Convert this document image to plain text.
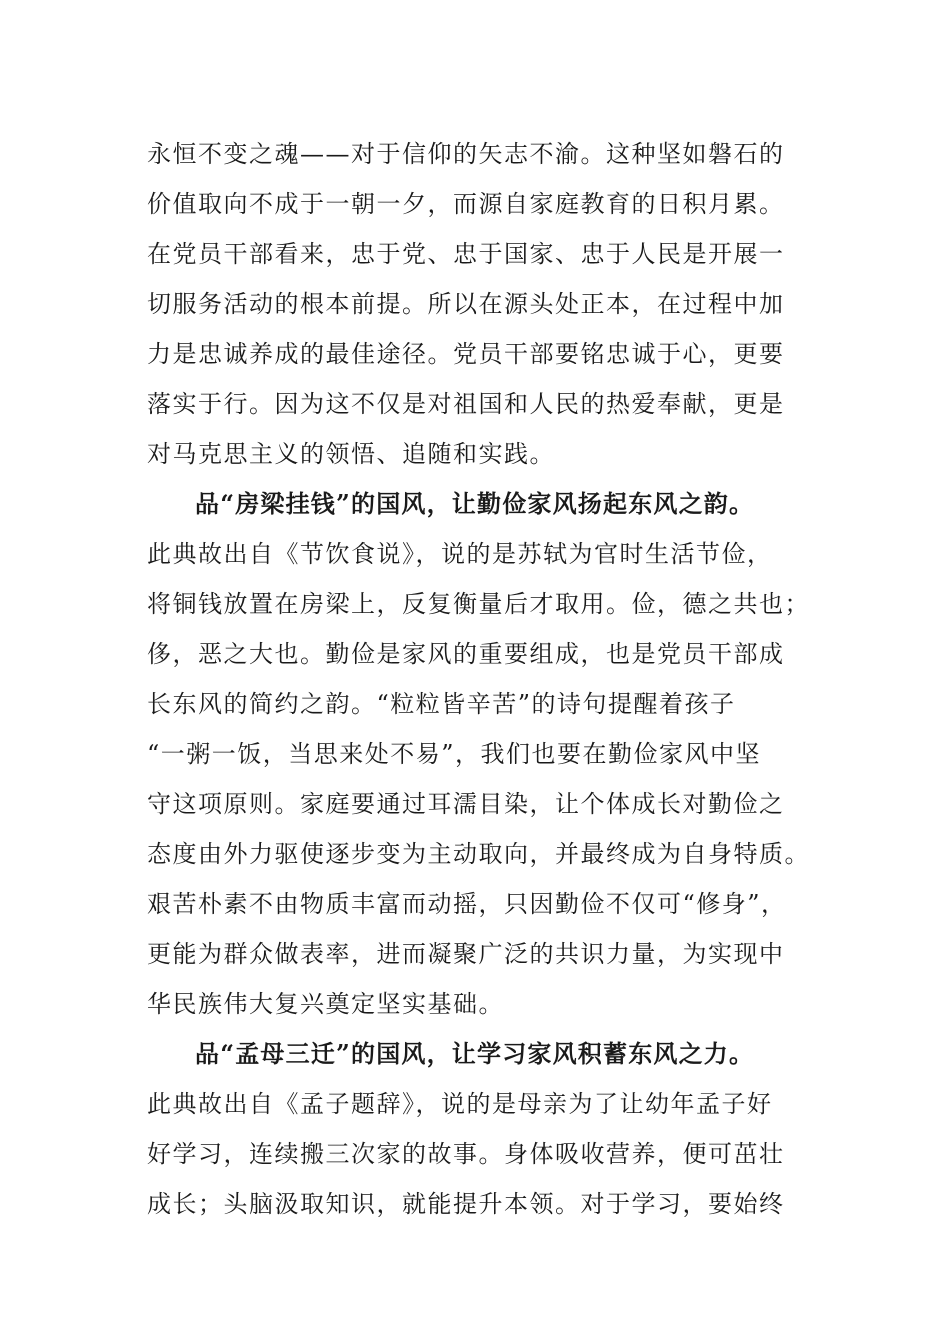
永恒不变之魂——对于信仰的矢志不渝。这种坚如磐石的
价值取向不成于一朝一夕，而源自家庭教育的日积月累。
在党员干部看来，忠于党、忠于国家、忠于人民是开展一
切服务活动的根本前提。所以在源头处正本，在过程中加
力是忠诚养成的最佳途径。党员干部要铭忠诚于心，更要
落实于行。因为这不仅是对祖国和人民的热爱奉献，更是
对马克思主义的领悟、追随和实践。
品“房梁挂钱”的国风，让勤俭家风扬起东风之韵。
此典故出自《节饮食说》，说的是苏轼为官时生活节俭，
将铜钱放置在房梁上，反复衡量后才取用。俭，德之共也；
侈，恶之大也。勤俭是家风的重要组成，也是党员干部成
长东风的简约之韵。“粒粒皆辛苦”的诗句提醒着孩子
“一粥一饭，当思来处不易”，我们也要在勤俭家风中坚
守这项原则。家庭要通过耳濡目染，让个体成长对勤俭之
态度由外力驱使逐步变为主动取向，并最终成为自身特质。
艰苦朴素不由物质丰富而动摇，只因勤俭不仅可“修身”，
更能为群众做表率，进而凝聚广泛的共识力量，为实现中
华民族伟大复兴奠定坚实基础。
品“孟母三迁”的国风，让学习家风积蓄东风之力。
此典故出自《孟子题辞》，说的是母亲为了让幼年孟子好
好学习，连续搬三次家的故事。身体吸收营养，便可茁壮
成长；头脑汲取知识，就能提升本领。对于学习，要始终
